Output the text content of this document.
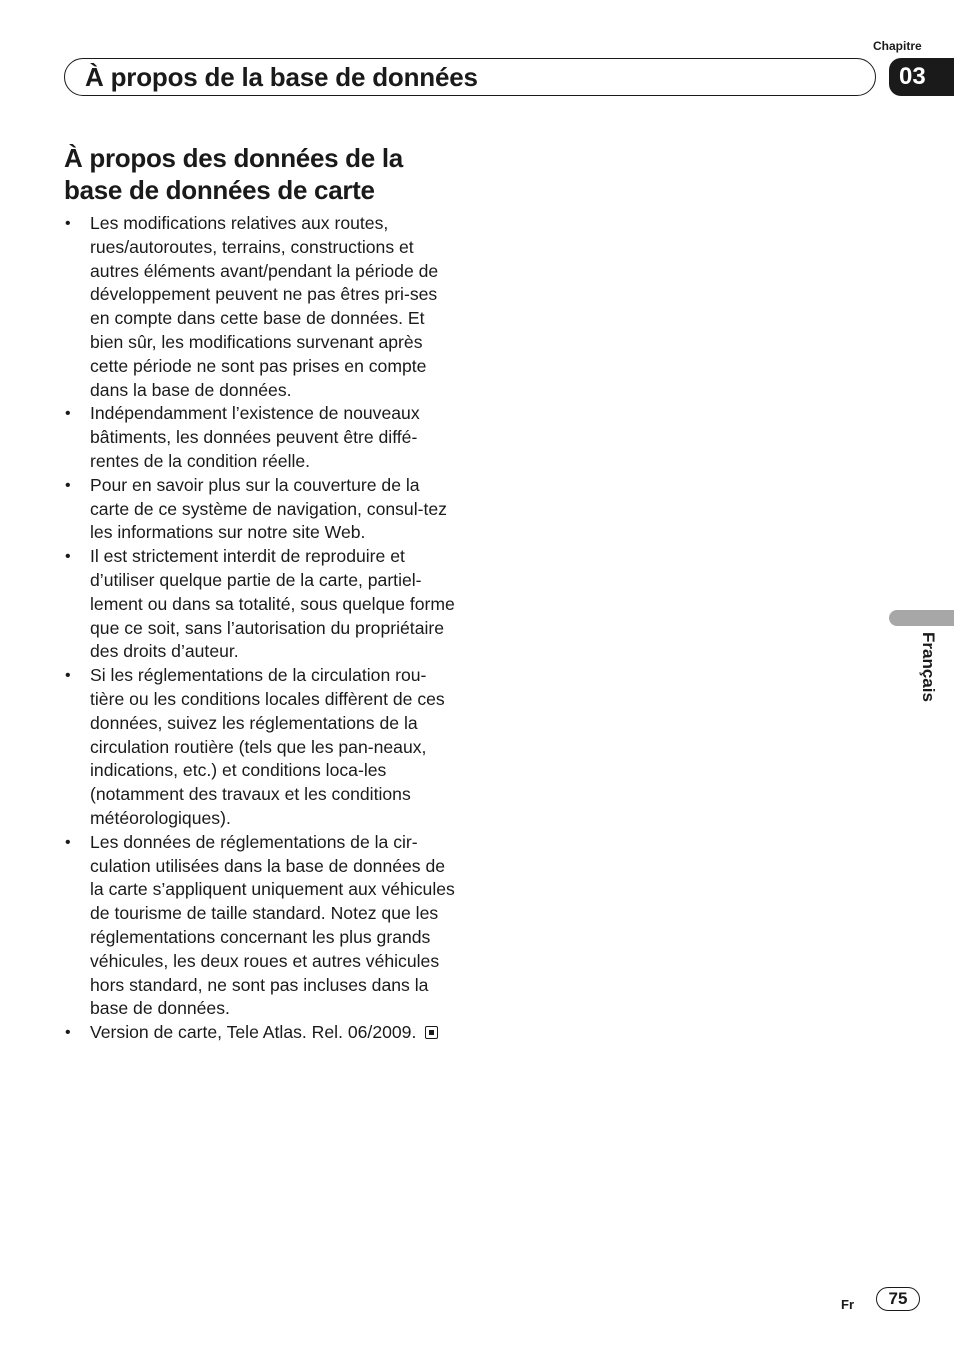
Chapitre
03
À propos de la base de données
À propos des données de la base de données de carte
• Les modifications relatives aux routes, rues/autoroutes, terrains, constructions et autres éléments avant/pendant la période de développement peuvent ne pas êtres pri-ses en compte dans cette base de données. Et bien sûr, les modifications survenant après cette période ne sont pas prises en compte dans la base de données.
• Indépendamment l’existence de nouveaux bâtiments, les données peuvent être diffé-rentes de la condition réelle.
• Pour en savoir plus sur la couverture de la carte de ce système de navigation, consul-tez les informations sur notre site Web.
• Il est strictement interdit de reproduire et d’utiliser quelque partie de la carte, partiel-lement ou dans sa totalité, sous quelque forme que ce soit, sans l’autorisation du propriétaire des droits d’auteur.
• Si les réglementations de la circulation rou-tière ou les conditions locales diffèrent de ces données, suivez les réglementations de la circulation routière (tels que les pan-neaux, indications, etc.) et conditions loca-les (notamment des travaux et les conditions météorologiques).
• Les données de réglementations de la cir-culation utilisées dans la base de données de la carte s’appliquent uniquement aux véhicules de tourisme de taille standard. Notez que les réglementations concernant les plus grands véhicules, les deux roues et autres véhicules hors standard, ne sont pas incluses dans la base de données.
• Version de carte, Tele Atlas. Rel. 06/2009.
Français
Fr	75
